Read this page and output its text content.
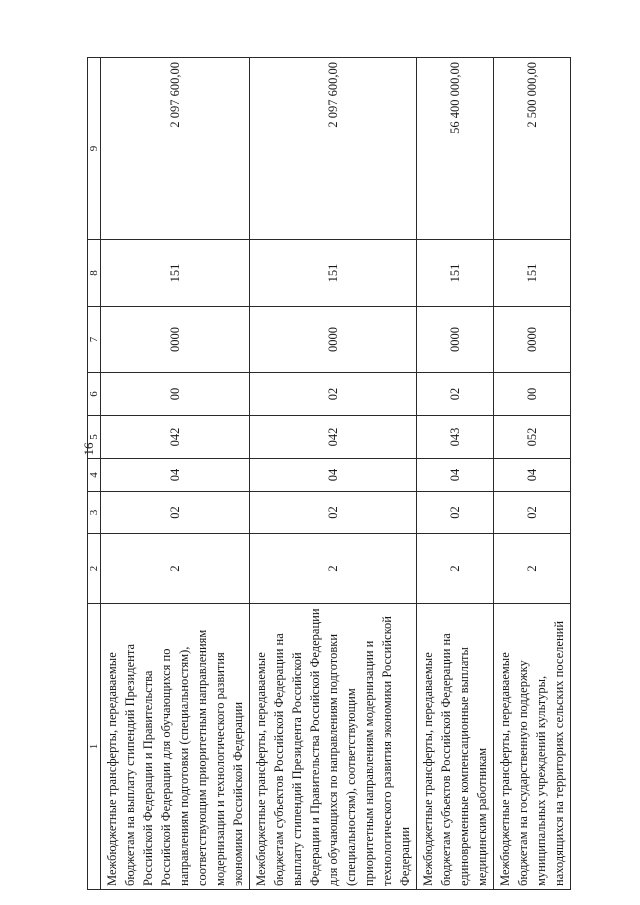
16
1	2	3	4	5	6	7	8	9
Межбюджетные трансферты, передаваемые бюджетам на выплату стипендий Президента Российской Федерации и Правительства Российской Федерации для обучающихся по направлениям подготовки (специальностям), соответствующим приоритетным направлениям модернизации и технологического развития экономики Российской Федерации	2	02	04	042	00	0000	151	2 097 600,00
Межбюджетные трансферты, передаваемые бюджетам субъектов Российской Федерации на выплату стипендий Президента Российской Федерации и Правительства Российской Федерации для обучающихся по направлениям подготовки (специальностям), соответствующим приоритетным направлениям модернизации и технологического развития экономики Российской Федерации	2	02	04	042	02	0000	151	2 097 600,00
Межбюджетные трансферты, передаваемые бюджетам субъектов Российской Федерации на единовременные компенсационные выплаты медицинским работникам	2	02	04	043	02	0000	151	56 400 000,00
Межбюджетные трансферты, передаваемые бюджетам на государственную поддержку муниципальных учреждений культуры, находящихся на территориях сельских поселений	2	02	04	052	00	0000	151	2 500 000,00
